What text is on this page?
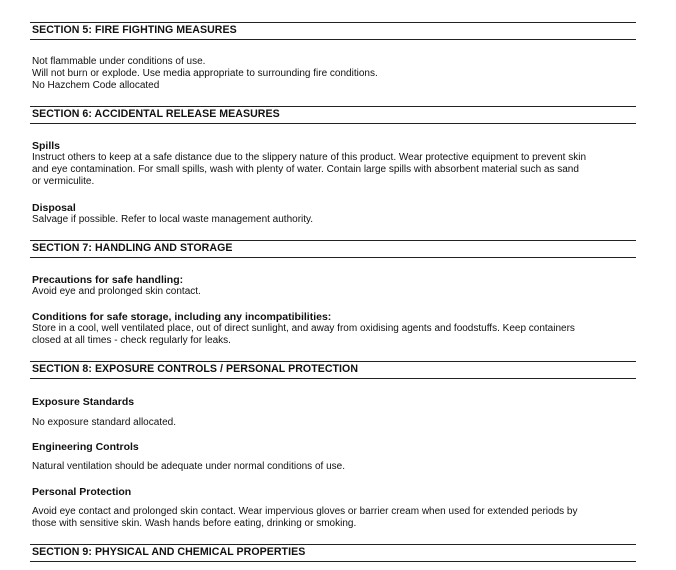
SECTION 5: FIRE FIGHTING MEASURES
Not flammable under conditions of use.
Will not burn or explode. Use media appropriate to surrounding fire conditions.
No Hazchem Code allocated
SECTION 6: ACCIDENTAL RELEASE MEASURES
Spills
Instruct others to keep at a safe distance due to the slippery nature of this product. Wear protective equipment to prevent skin
and eye contamination. For small spills, wash with plenty of water. Contain large spills with absorbent material such as sand
or vermiculite.
Disposal
Salvage if possible. Refer to local waste management authority.
SECTION 7: HANDLING AND STORAGE
Precautions for safe handling:
Avoid eye and prolonged skin contact.
Conditions for safe storage, including any incompatibilities:
Store in a cool, well ventilated place, out of direct sunlight, and away from oxidising agents and foodstuffs. Keep containers
closed at all times - check regularly for leaks.
SECTION 8: EXPOSURE CONTROLS / PERSONAL PROTECTION
Exposure Standards
No exposure standard allocated.
Engineering Controls
Natural ventilation should be adequate under normal conditions of use.
Personal Protection
Avoid eye contact and prolonged skin contact. Wear impervious gloves or barrier cream when used for extended periods by
those with sensitive skin. Wash hands before eating, drinking or smoking.
SECTION 9: PHYSICAL AND CHEMICAL PROPERTIES
